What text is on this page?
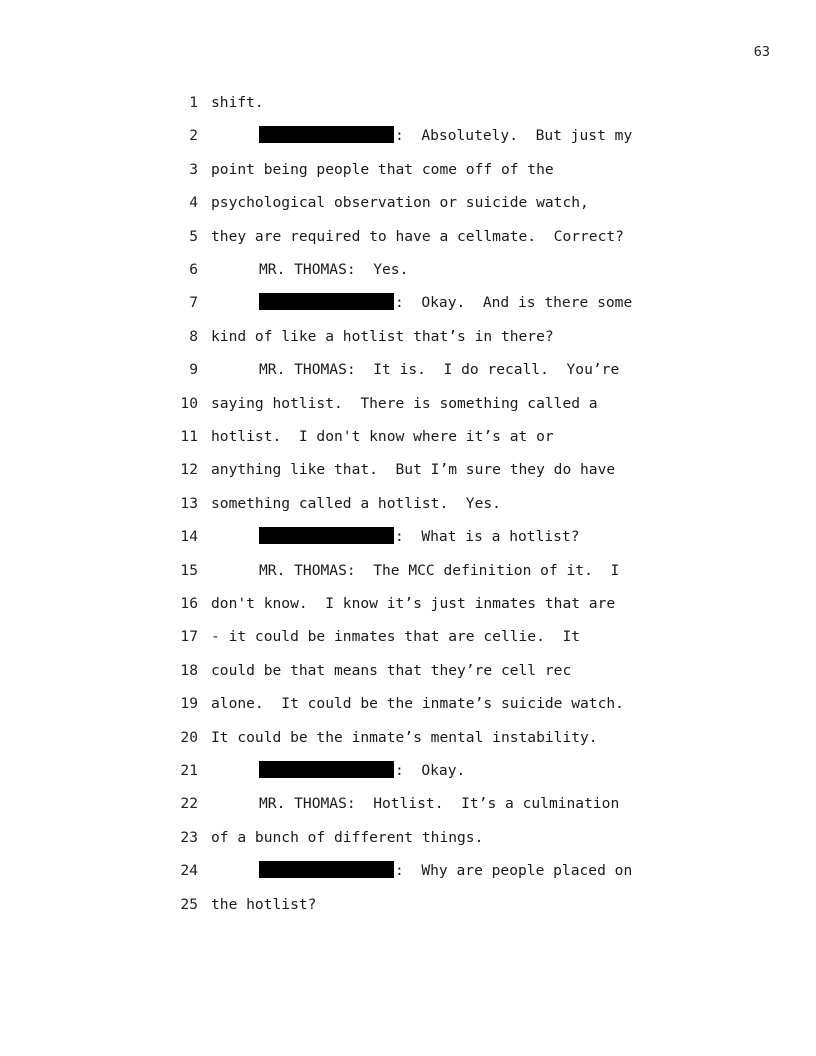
63
1 shift.
2	:  Absolutely.  But just my
3 point being people that come off of the
4 psychological observation or suicide watch,
5 they are required to have a cellmate.  Correct?
6	MR. THOMAS:  Yes.
7	:  Okay.  And is there some
8 kind of like a hotlist that’s in there?
9	MR. THOMAS:  It is.  I do recall.  You’re
10 saying hotlist.  There is something called a
11 hotlist.  I don't know where it’s at or
12 anything like that.  But I’m sure they do have
13 something called a hotlist.  Yes.
14	:  What is a hotlist?
15	MR. THOMAS:  The MCC definition of it.  I
16 don't know.  I know it’s just inmates that are
17 - it could be inmates that are cellie.  It
18 could be that means that they’re cell rec
19 alone.  It could be the inmate’s suicide watch.
20 It could be the inmate’s mental instability.
21	:  Okay.
22	MR. THOMAS:  Hotlist.  It’s a culmination
23 of a bunch of different things.
24	:  Why are people placed on
25 the hotlist?
